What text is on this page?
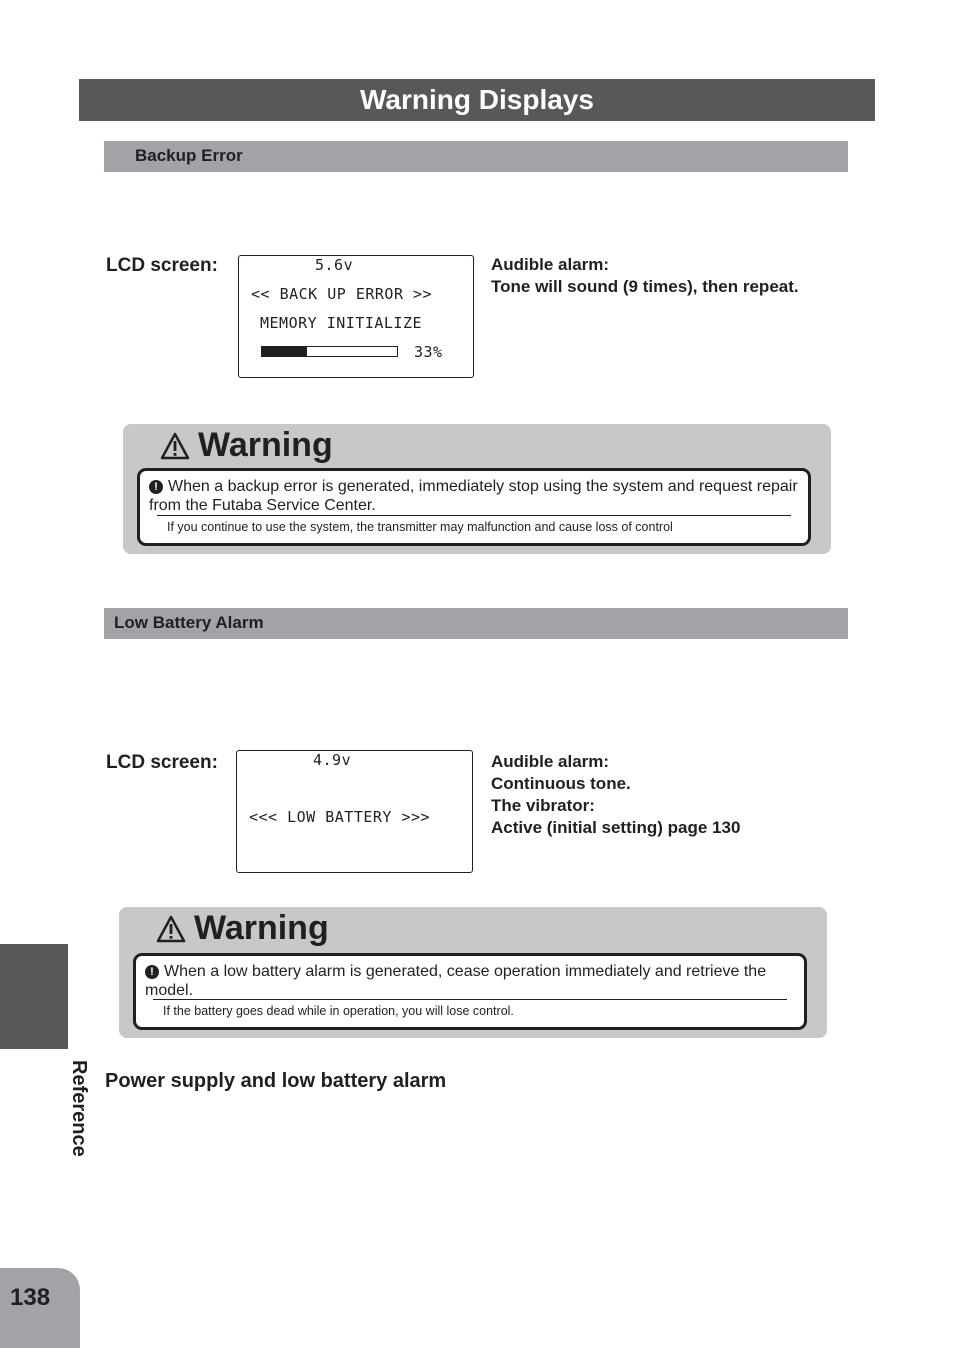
Warning Displays
Backup Error
LCD screen:	5.6v
<< BACK UP ERROR >>
MEMORY INITIALIZE
33%
Audible alarm:
Tone will sound (9 times), then repeat.
Warning
! When a backup error is generated, immediately stop using the system and request repair from the Futaba Service Center.
If you continue to use the system, the transmitter may malfunction and cause loss of control
Low Battery Alarm
LCD screen:	4.9v
<<< LOW BATTERY >>>
Audible alarm:
Continuous tone.
The vibrator:
Active (initial setting) page 130
Warning
! When a low battery alarm is generated, cease operation immediately and retrieve the model.
If the battery goes dead while in operation, you will lose control.
Power supply and low battery alarm
Reference
138
